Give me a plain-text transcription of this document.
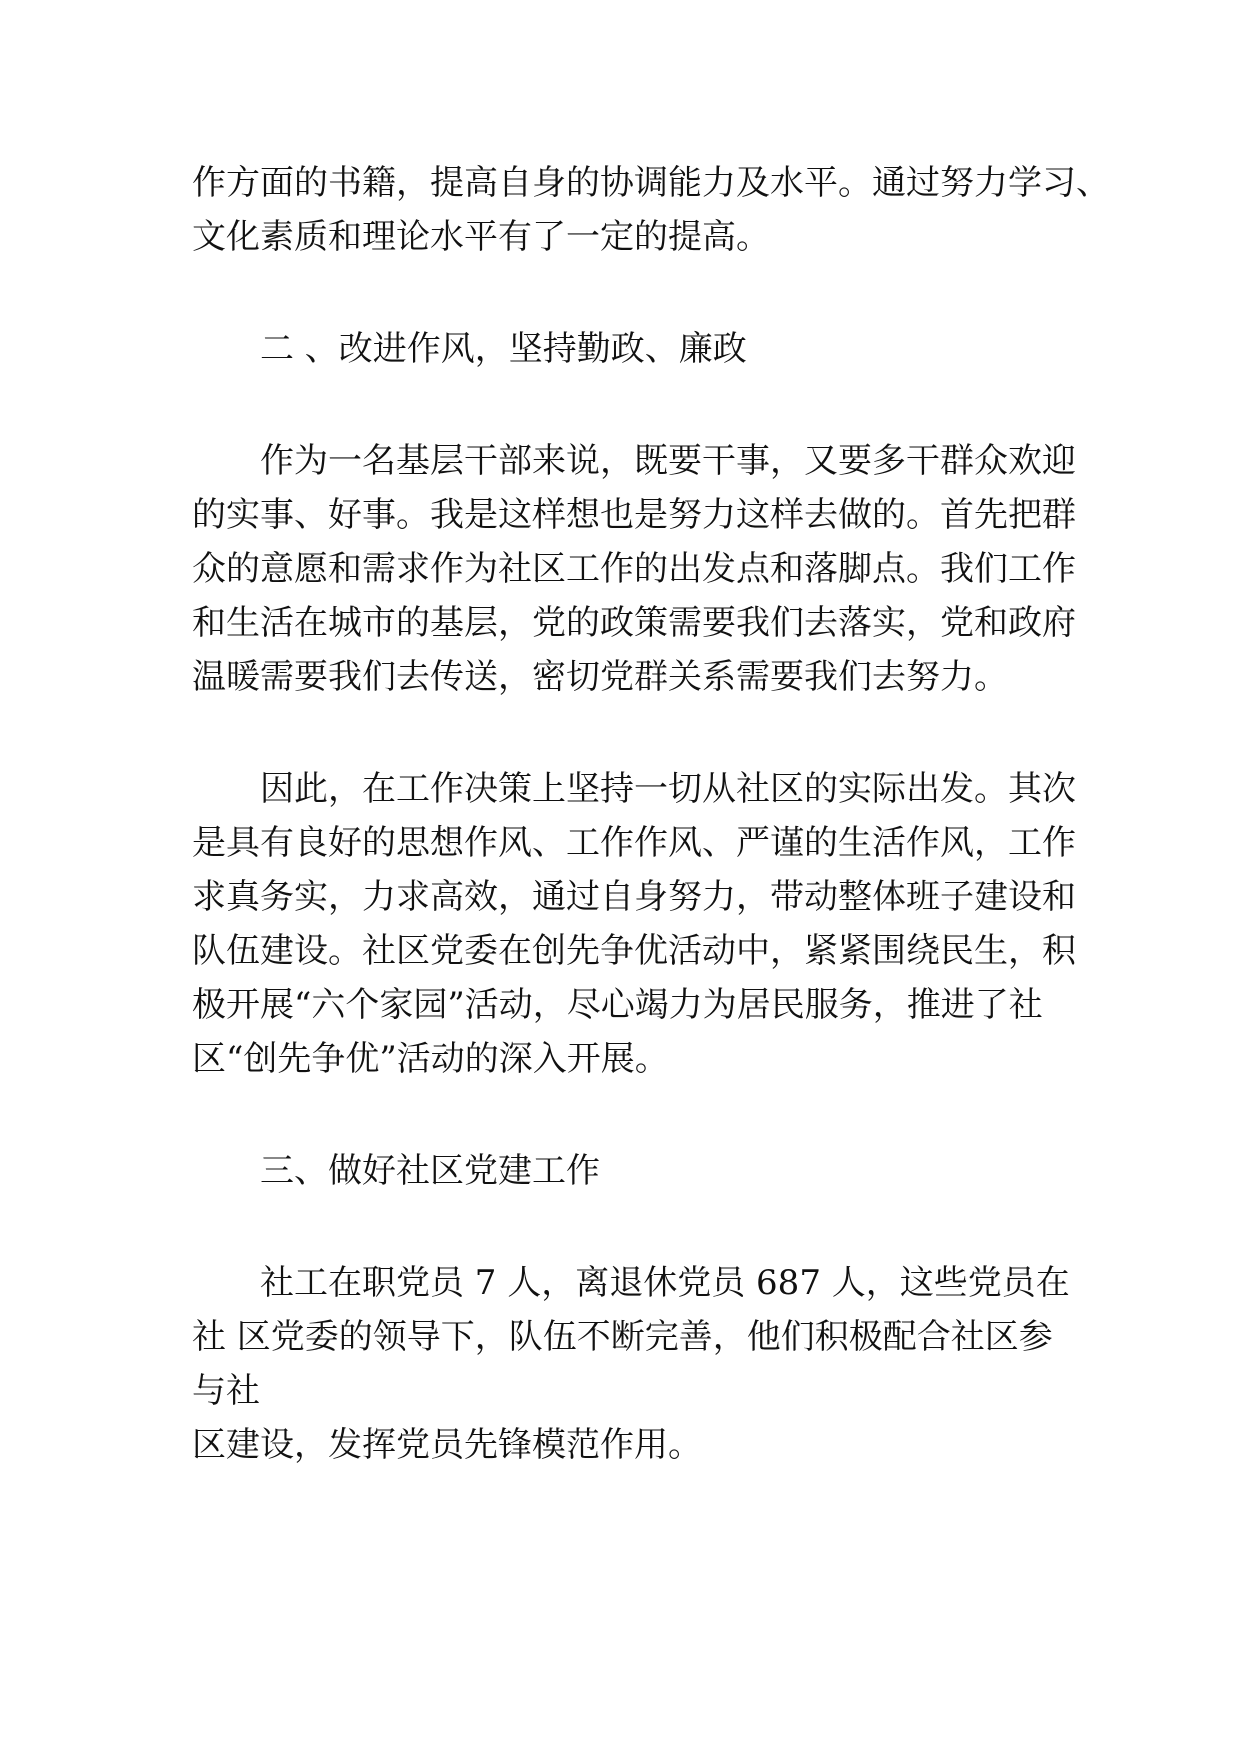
作方面的书籍，提高自身的协调能力及水平。通过努力学习、

文化素质和理论水平有了一定的提高。

二 、改进作风，坚持勤政、廉政

作为一名基层干部来说，既要干事，又要多干群众欢迎

的实事、好事。我是这样想也是努力这样去做的。首先把群

众的意愿和需求作为社区工作的出发点和落脚点。我们工作

和生活在城市的基层，党的政策需要我们去落实，党和政府

温暖需要我们去传送，密切党群关系需要我们去努力。

因此，在工作决策上坚持一切从社区的实际出发。其次

是具有良好的思想作风、工作作风、严谨的生活作风，工作

求真务实，力求高效，通过自身努力，带动整体班子建设和

队伍建设。社区党委在创先争优活动中，紧紧围绕民生，积

极开展“六个家园”活动，尽心竭力为居民服务，推进了社

区“创先争优”活动的深入开展。

三、做好社区党建工作

社工在职党员 7 人，离退休党员 687 人，这些党员在

社 区党委的领导下，队伍不断完善，他们积极配合社区参

与社

区建设，发挥党员先锋模范作用。
